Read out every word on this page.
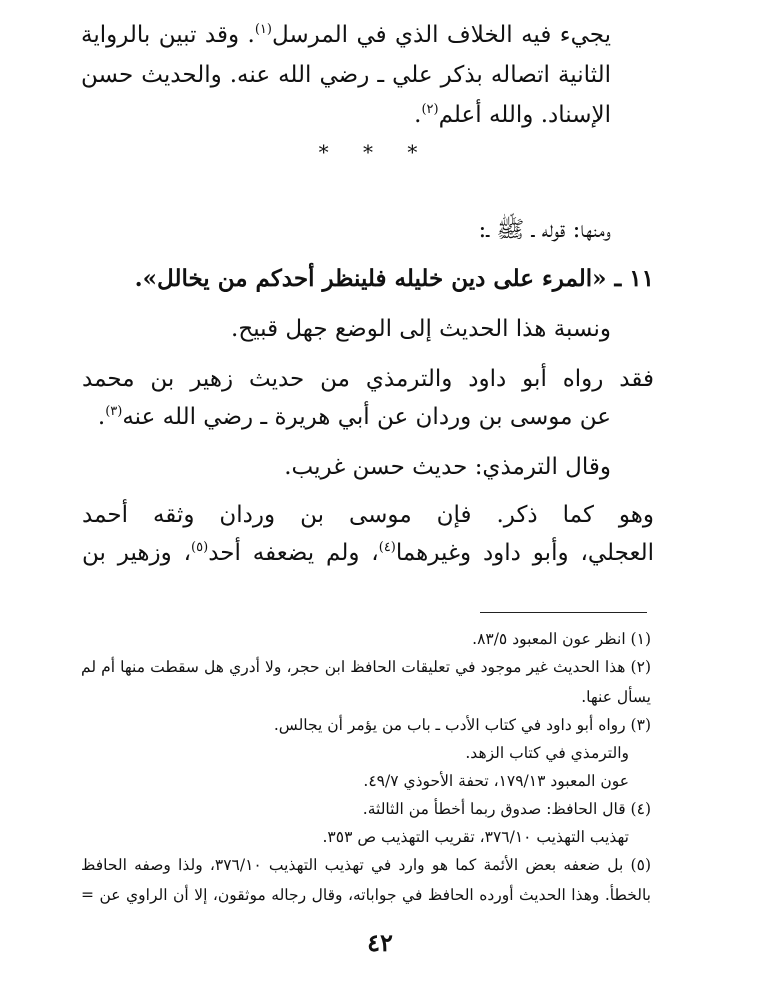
يجيء فيه الخلاف الذي في المرسل$^{(١)}$. وقد تبين بالرواية
الثانية اتصاله بذكر علي ـ رضي الله عنه. والحديث حسن
الإسناد. والله أعلم$^{(٢)}$.
* * *
ومنها: قوله ـ ﷺ ـ:
١١ ـ «المرء على دين خليله فلينظر أحدكم من يخالل».
ونسبة هذا الحديث إلى الوضع جهل قبيح.
فقد رواه أبو داود والترمذي من حديث زهير بن محمد
عن موسى بن وردان عن أبي هريرة ـ رضي الله عنه$^{(٣)}$.
وقال الترمذي: حديث حسن غريب.
وهو كما ذكر. فإن موسى بن وردان وثقه أحمد
العجلي، وأبو داود وغيرهما$^{(٤)}$، ولم يضعفه أحد$^{(٥)}$، وزهير بن
(١) انظر عون المعبود ٨٣/٥.
(٢) هذا الحديث غير موجود في تعليقات الحافظ ابن حجر، ولا أدري هل سقطت منها أم لم
يسأل عنها.
(٣) رواه أبو داود في كتاب الأدب ـ باب من يؤمر أن يجالس.
والترمذي في كتاب الزهد.
عون المعبود ١٧٩/١٣، تحفة الأحوذي ٤٩/٧.
(٤) قال الحافظ: صدوق ربما أخطأ من الثالثة.
تهذيب التهذيب ٣٧٦/١٠، تقريب التهذيب ص ٣٥٣.
(٥) بل ضعفه بعض الأئمة كما هو وارد في تهذيب التهذيب ٣٧٦/١٠، ولذا وصفه الحافظ
بالخطأ. وهذا الحديث أورده الحافظ في جواباته، وقال رجاله موثقون، إلا أن الراوي عن =
٤٢
